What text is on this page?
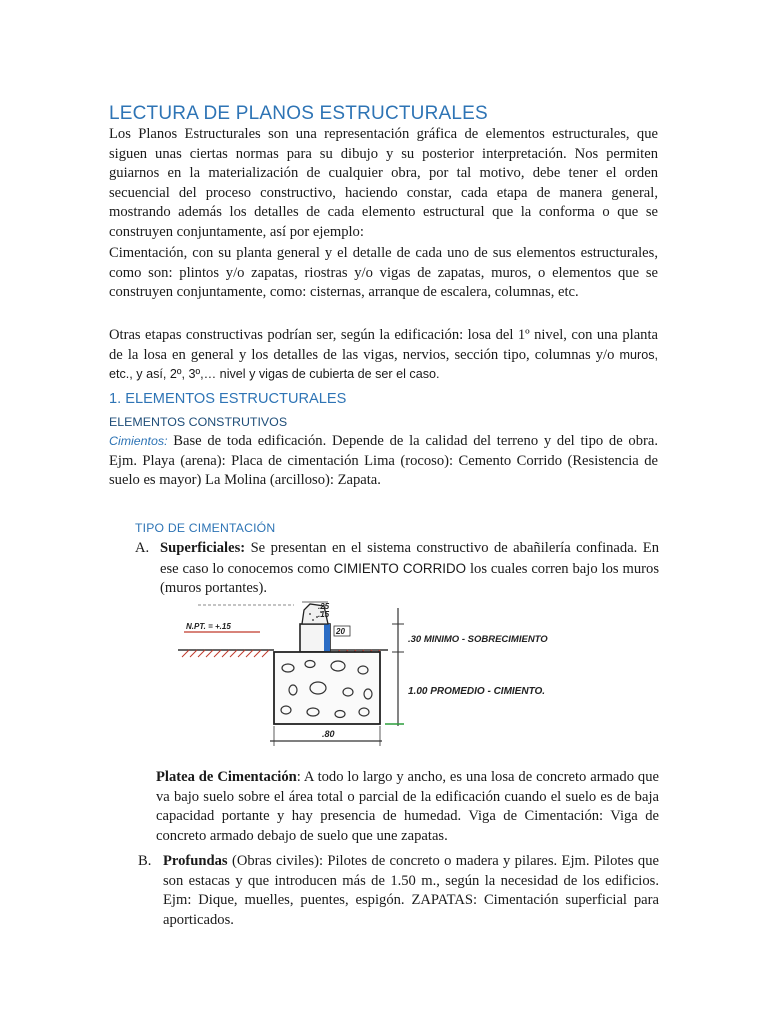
LECTURA DE PLANOS ESTRUCTURALES

Los Planos Estructurales son una representación gráfica de elementos estructurales, que siguen unas ciertas normas para su dibujo y su posterior interpretación. Nos permiten guiarnos en la materialización de cualquier obra, por tal motivo, debe tener el orden secuencial del proceso constructivo, haciendo constar, cada etapa de manera general, mostrando además los detalles de cada elemento estructural que la conforma o que se construyen conjuntamente, así por ejemplo:

Cimentación, con su planta general y el detalle de cada uno de sus elementos estructurales, como son: plintos y/o zapatas, riostras y/o vigas de zapatas, muros, o elementos que se construyen conjuntamente, como: cisternas, arranque de escalera, columnas, etc.

Otras etapas constructivas podrían ser, según la edificación: losa del 1º nivel, con una planta de la losa en general y los detalles de las vigas, nervios, sección tipo, columnas y/o muros, etc., y así, 2º, 3º,… nivel y vigas de cubierta de ser el caso.

1. ELEMENTOS ESTRUCTURALES
ELEMENTOS CONSTRUTIVOS

Cimientos: Base de toda edificación. Depende de la calidad del terreno y del tipo de obra. Ejm. Playa (arena): Placa de cimentación Lima (rocoso): Cemento Corrido (Resistencia de suelo es mayor) La Molina (arcilloso): Zapata.

TIPO DE CIMENTACIÓN
A. Superficiales: Se presentan en el sistema constructivo de abañilería confinada. En ese caso lo conocemos como CIMIENTO CORRIDO los cuales corren bajo los muros (muros portantes).
N.PT. = +.15
.25
.15
20
.30 MINIMO - SOBRECIMIENTO
1.00 PROMEDIO - CIMIENTO.
.80

Platea de Cimentación: A todo lo largo y ancho, es una losa de concreto armado que va bajo suelo sobre el área total o parcial de la edificación cuando el suelo es de baja capacidad portante y hay presencia de humedad. Viga de Cimentación: Viga de concreto armado debajo de suelo que une zapatas.

B. Profundas (Obras civiles): Pilotes de concreto o madera y pilares. Ejm. Pilotes que son estacas y que introducen más de 1.50 m., según la necesidad de los edificios. Ejm: Dique, muelles, puentes, espigón. ZAPATAS: Cimentación superficial para aporticados.
